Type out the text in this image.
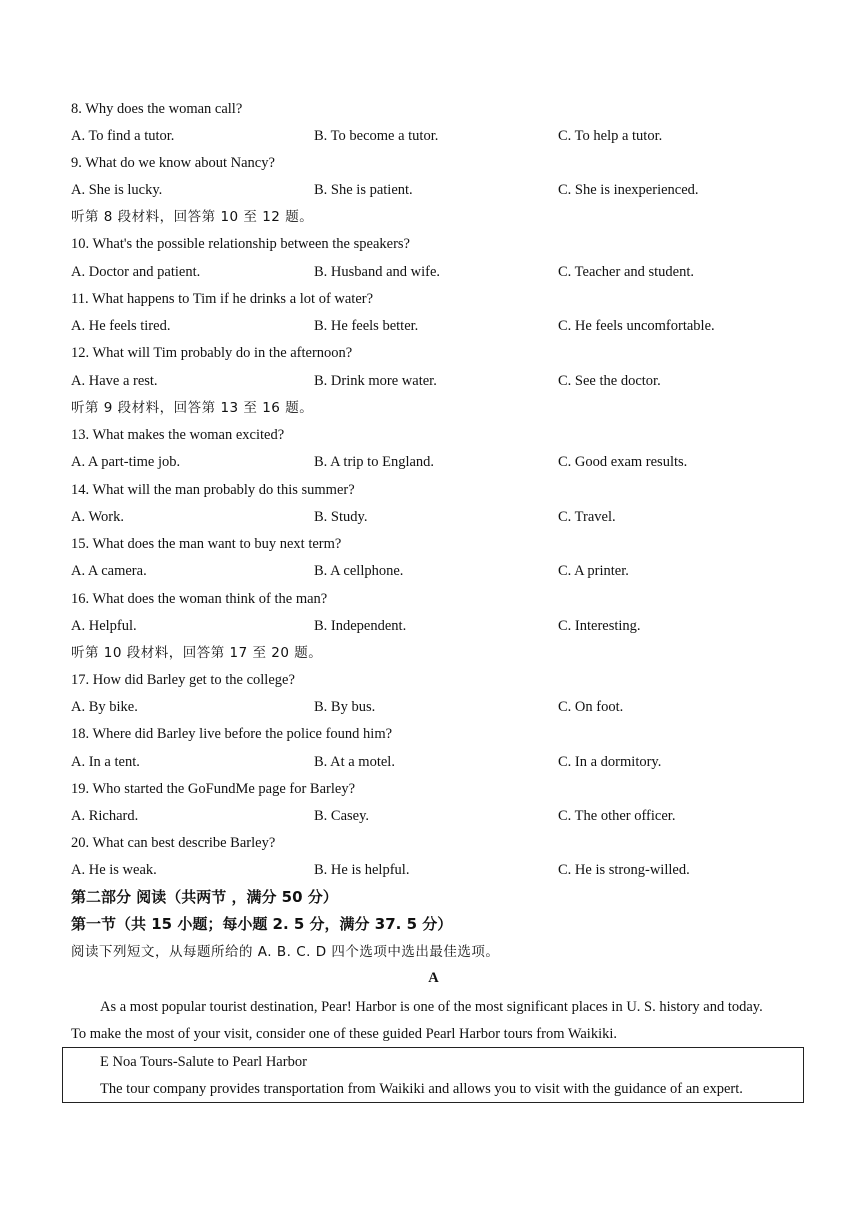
8. Why does the woman call?
A. To find a tutor.	B. To become a tutor.	C. To help a tutor.
9. What do we know about Nancy?
A. She is lucky.	B. She is patient.	C. She is inexperienced.
听第 8 段材料，回答第 10 至 12 题。
10. What's the possible relationship between the speakers?
A. Doctor and patient.	B. Husband and wife.	C. Teacher and student.
11. What happens to Tim if he drinks a lot of water?
A. He feels tired.	B. He feels better.	C. He feels uncomfortable.
12. What will Tim probably do in the afternoon?
A. Have a rest.	B. Drink more water.	C. See the doctor.
听第 9 段材料，回答第 13 至 16 题。
13. What makes the woman excited?
A. A part-time job.	B. A trip to England.	C. Good exam results.
14. What will the man probably do this summer?
A. Work.	B. Study.	C. Travel.
15. What does the man want to buy next term?
A. A camera.	B. A cellphone.	C. A printer.
16. What does the woman think of the man?
A. Helpful.	B. Independent.	C. Interesting.
听第 10 段材料，回答第 17 至 20 题。
17. How did Barley get to the college?
A. By bike.	B. By bus.	C. On foot.
18. Where did Barley live before the police found him?
A. In a tent.	B. At a motel.	C. In a dormitory.
19. Who started the GoFundMe page for Barley?
A. Richard.	B. Casey.	C. The other officer.
20. What can best describe Barley?
A. He is weak.	B. He is helpful.	C. He is strong-willed.
第二部分 阅读（共两节 ，满分 50 分）
第一节（共 15 小题；每小题 2. 5 分，满分 37. 5 分）
阅读下列短文，从每题所给的 A. B. C. D 四个选项中选出最佳选项。
A
As a most popular tourist destination, Pear! Harbor is one of the most significant places in U. S. history and today.
To make the most of your visit, consider one of these guided Pearl Harbor tours from Waikiki.
E Noa Tours-Salute to Pearl Harbor
The tour company provides transportation from Waikiki and allows you to visit with the guidance of an expert.
